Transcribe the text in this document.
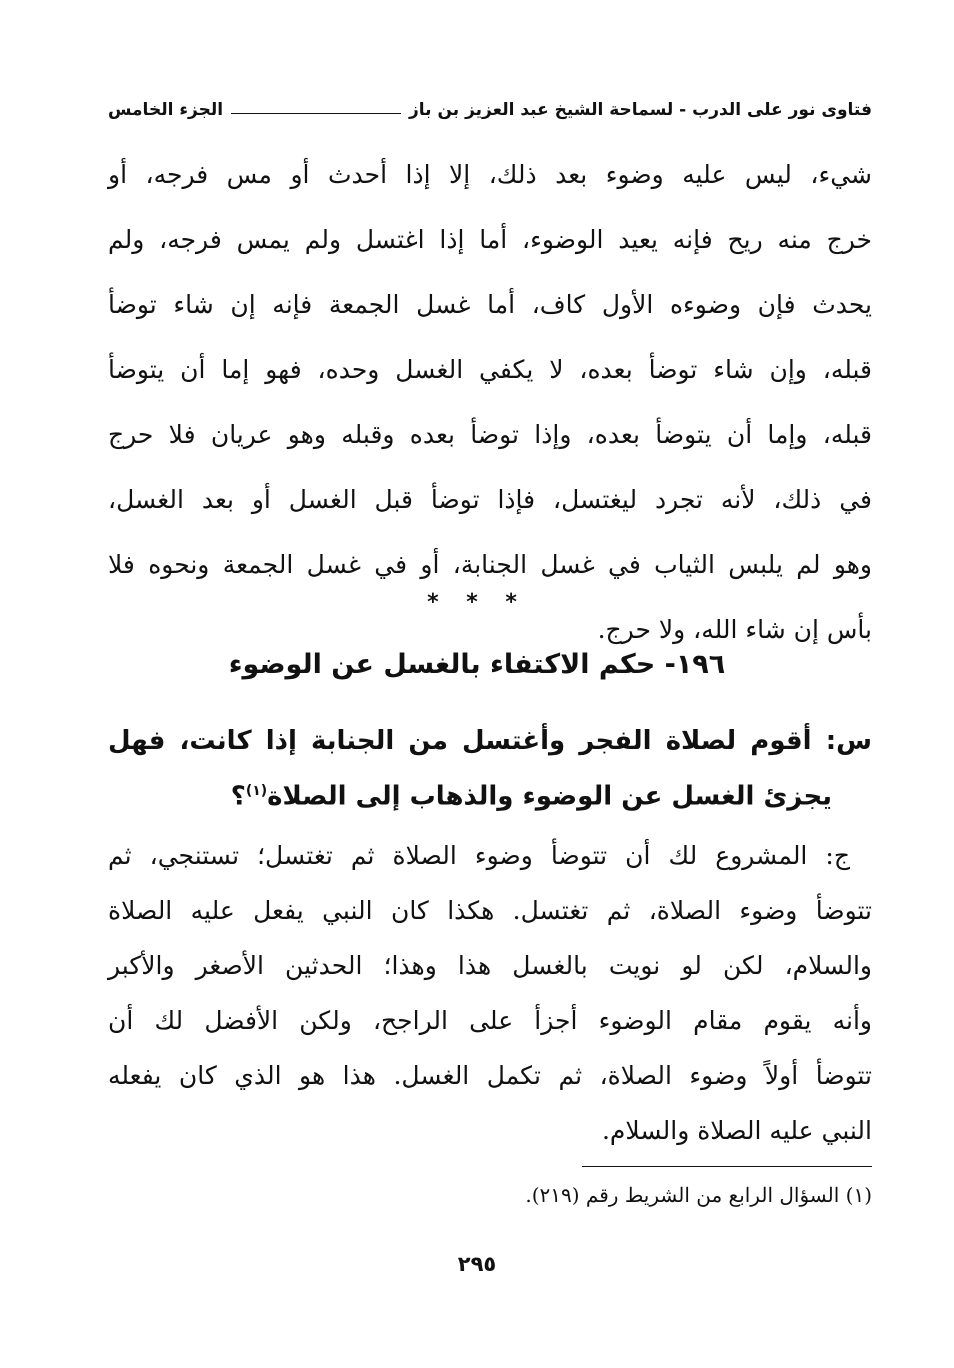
فتاوى نور على الدرب - لسماحة الشيخ عبد العزيز بن باز
الجزء الخامس
شيء، ليس عليه وضوء بعد ذلك، إلا إذا أحدث أو مس فرجه، أو
خرج منه ريح فإنه يعيد الوضوء، أما إذا اغتسل ولم يمس فرجه، ولم
يحدث فإن وضوءه الأول كاف، أما غسل الجمعة فإنه إن شاء توضأ
قبله، وإن شاء توضأ بعده، لا يكفي الغسل وحده، فهو إما أن يتوضأ
قبله، وإما أن يتوضأ بعده، وإذا توضأ بعده وقبله وهو عريان فلا حرج
في ذلك، لأنه تجرد ليغتسل، فإذا توضأ قبل الغسل أو بعد الغسل،
وهو لم يلبس الثياب في غسل الجنابة، أو في غسل الجمعة ونحوه فلا
بأس إن شاء الله، ولا حرج.
* * *
١٩٦- حكم الاكتفاء بالغسل عن الوضوء
س: أقوم لصلاة الفجر وأغتسل من الجنابة إذا كانت، فهل
يجزئ الغسل عن الوضوء والذهاب إلى الصلاة$^{(١)}$؟
ج: المشروع لك أن تتوضأ وضوء الصلاة ثم تغتسل؛ تستنجي، ثم
تتوضأ وضوء الصلاة، ثم تغتسل. هكذا كان النبي يفعل عليه الصلاة
والسلام، لكن لو نويت بالغسل هذا وهذا؛ الحدثين الأصغر والأكبر
وأنه يقوم مقام الوضوء أجزأ على الراجح، ولكن الأفضل لك أن
تتوضأ أولاً وضوء الصلاة، ثم تكمل الغسل. هذا هو الذي كان يفعله
النبي عليه الصلاة والسلام.
(١) السؤال الرابع من الشريط رقم (٢١٩).
٢٩٥
